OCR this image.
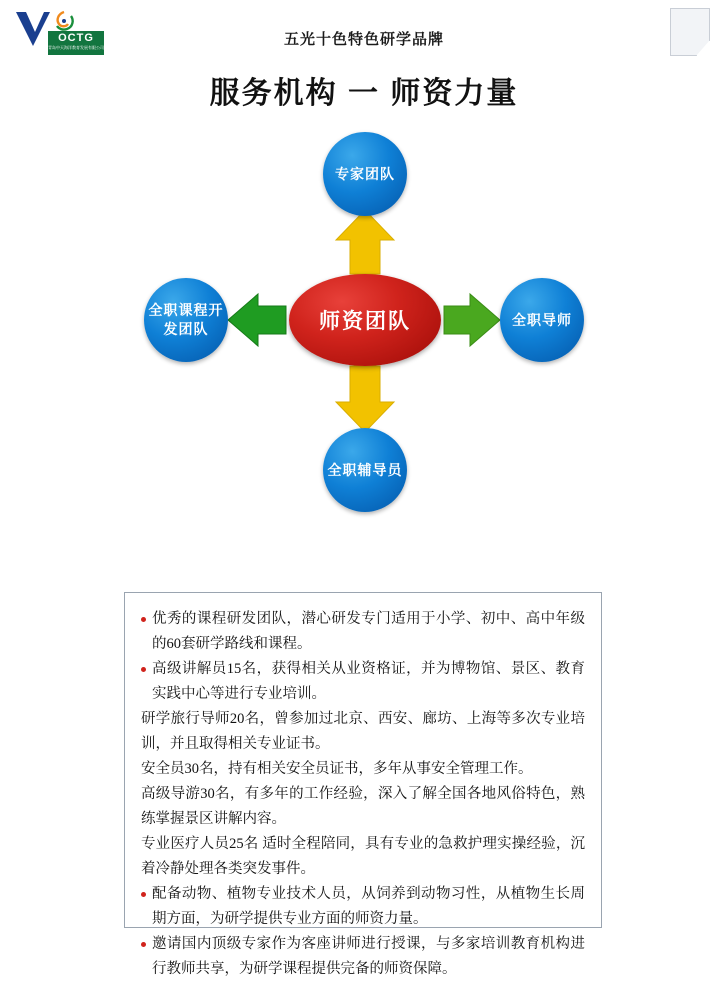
OCTG
青岛中天海洋教育发展有限公司	五光十色特色研学品牌
服务机构 一 师资力量
专家团队
全职导师
全职辅导员
全职课程开发团队	师资团队

优秀的课程研发团队，潜心研发专门适用于小学、初中、高中年级的60套研学路线和课程。

高级讲解员15名，获得相关从业资格证，并为博物馆、景区、教育实践中心等进行专业培训。

研学旅行导师20名，曾参加过北京、西安、廊坊、上海等多次专业培训，并且取得相关专业证书。

安全员30名，持有相关安全员证书，多年从事安全管理工作。

高级导游30名，有多年的工作经验，深入了解全国各地风俗特色，熟练掌握景区讲解内容。

专业医疗人员25名 适时全程陪同，具有专业的急救护理实操经验，沉着冷静处理各类突发事件。

配备动物、植物专业技术人员，从饲养到动物习性，从植物生长周期方面，为研学提供专业方面的师资力量。

邀请国内顶级专家作为客座讲师进行授课，与多家培训教育机构进行教师共享，为研学课程提供完备的师资保障。
